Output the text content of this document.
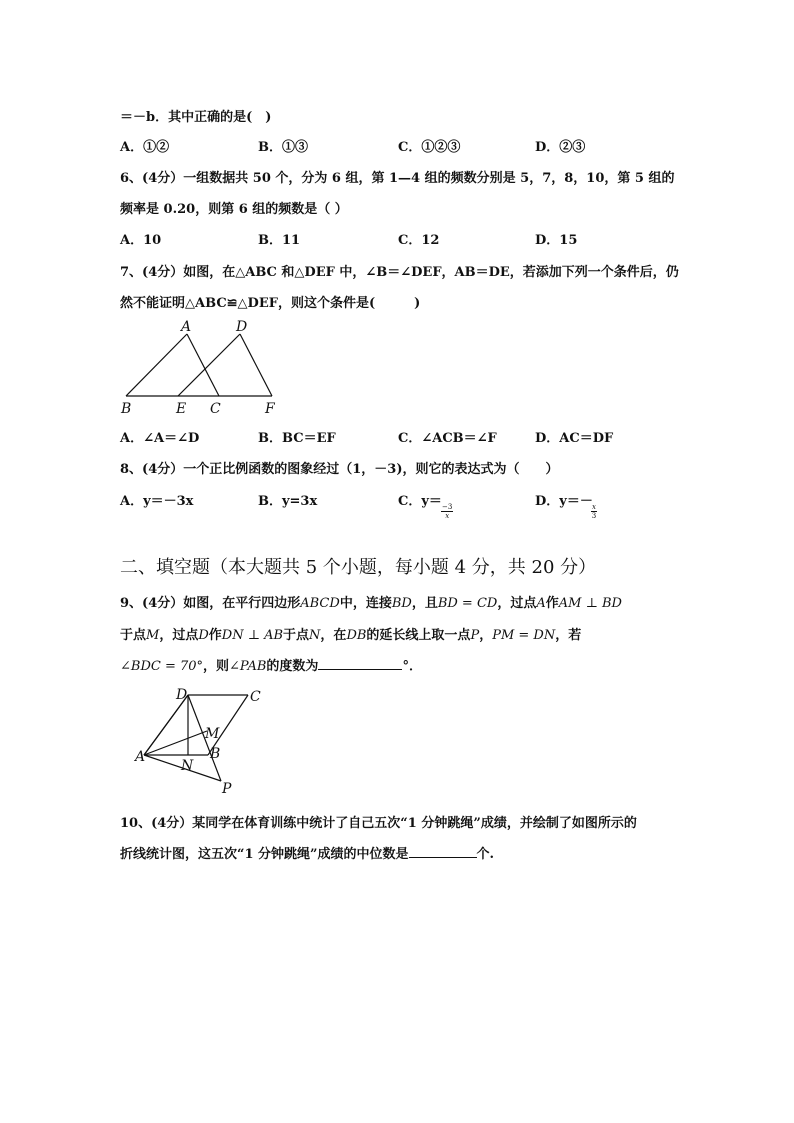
＝－b．其中正确的是(　)
A．①②	B．①③	C．①②③	D．②③
6、(4分）一组数据共 50 个，分为 6 组，第 1—4 组的频数分别是 5，7，8，10，第 5 组的
频率是 0.20，则第 6 组的频数是（ ）
A．10	B．11	C．12	D．15
7、(4分）如图，在△ABC 和△DEF 中，∠B＝∠DEF，AB＝DE，若添加下列一个条件后，仍
然不能证明△ABC≌△DEF，则这个条件是(　　　)
A	D
B	E C	F
A．∠A＝∠D	B．BC＝EF	C．∠ACB＝∠F	D．AC＝DF
8、(4分）一个正比例函数的图象经过（1，－3)，则它的表达式为（　　）
A．y＝－3x	B．y=3x	C．y＝
$\frac{-3}{x}$
D．y＝－
$\frac{x}{3}$
二、填空题（本大题共 5 个小题，每小题 4 分，共 20 分）
9、(4分）如图，在平行四边形ABCD中，连接BD，且BD = CD，过点A作AM ⊥ BD
于点M，过点D作DN ⊥ AB于点N，在DB的延长线上取一点P，PM = DN，若
∠BDC = 70°，则∠PAB的度数为	°．
D	C
M
A
N
B
P
10、(4分）某同学在体育训练中统计了自己五次“1 分钟跳绳”成绩，并绘制了如图所示的
折线统计图，这五次“1 分钟跳绳”成绩的中位数是	个.
